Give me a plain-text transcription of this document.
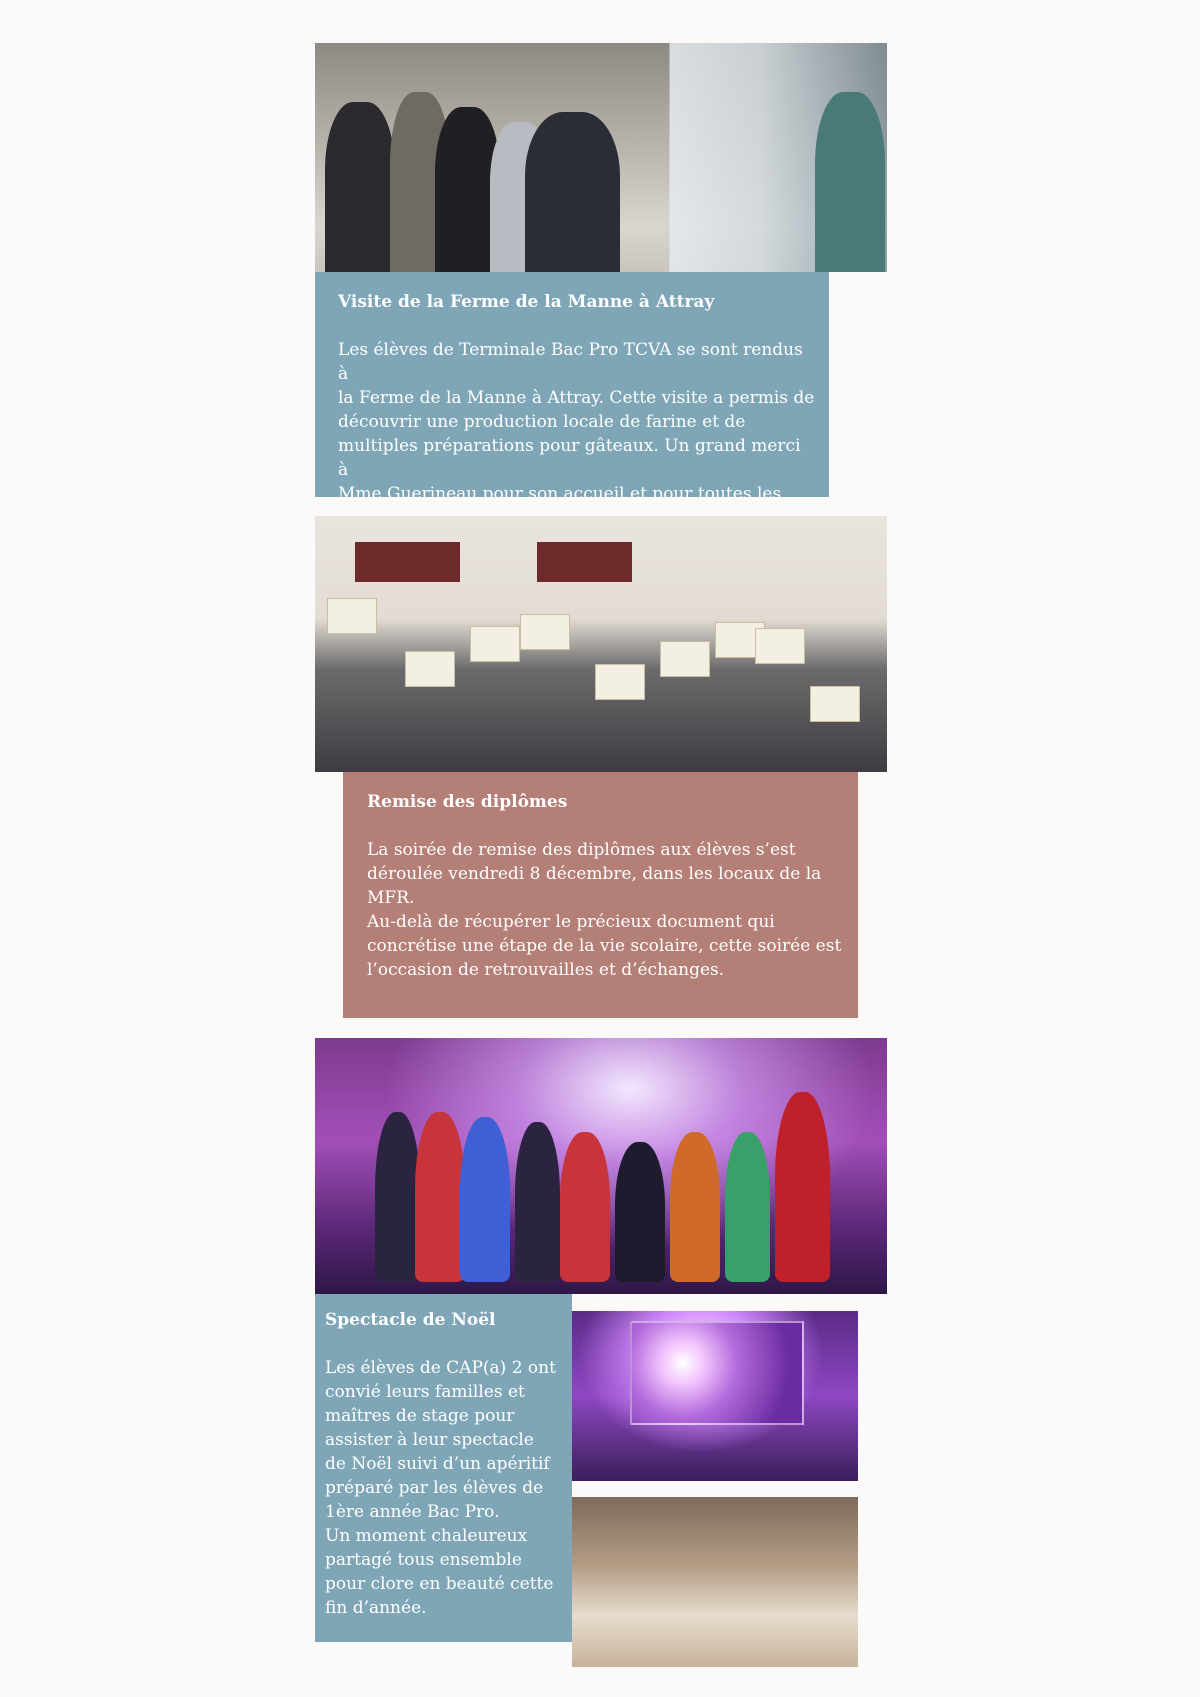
Visite de la Ferme de la Manne à Attray

Les élèves de Terminale Bac Pro TCVA se sont rendus à
la Ferme de la Manne à Attray. Cette visite a permis de
découvrir une production locale de farine et de
multiples préparations pour gâteaux. Un grand merci à
Mme Guerineau pour son accueil et pour toutes les

Remise des diplômes

La soirée de remise des diplômes aux élèves s’est
déroulée vendredi 8 décembre, dans les locaux de la
MFR.
Au-delà de récupérer le précieux document qui
concrétise une étape de la vie scolaire, cette soirée est
l’occasion de retrouvailles et d’échanges.

Spectacle de Noël

Les élèves de CAP(a) 2 ont
convié leurs familles et
maîtres de stage pour
assister à leur spectacle
de Noël suivi d’un apéritif
préparé par les élèves de
1ère année Bac Pro.
Un moment chaleureux
partagé tous ensemble
pour clore en beauté cette
fin d’année.
